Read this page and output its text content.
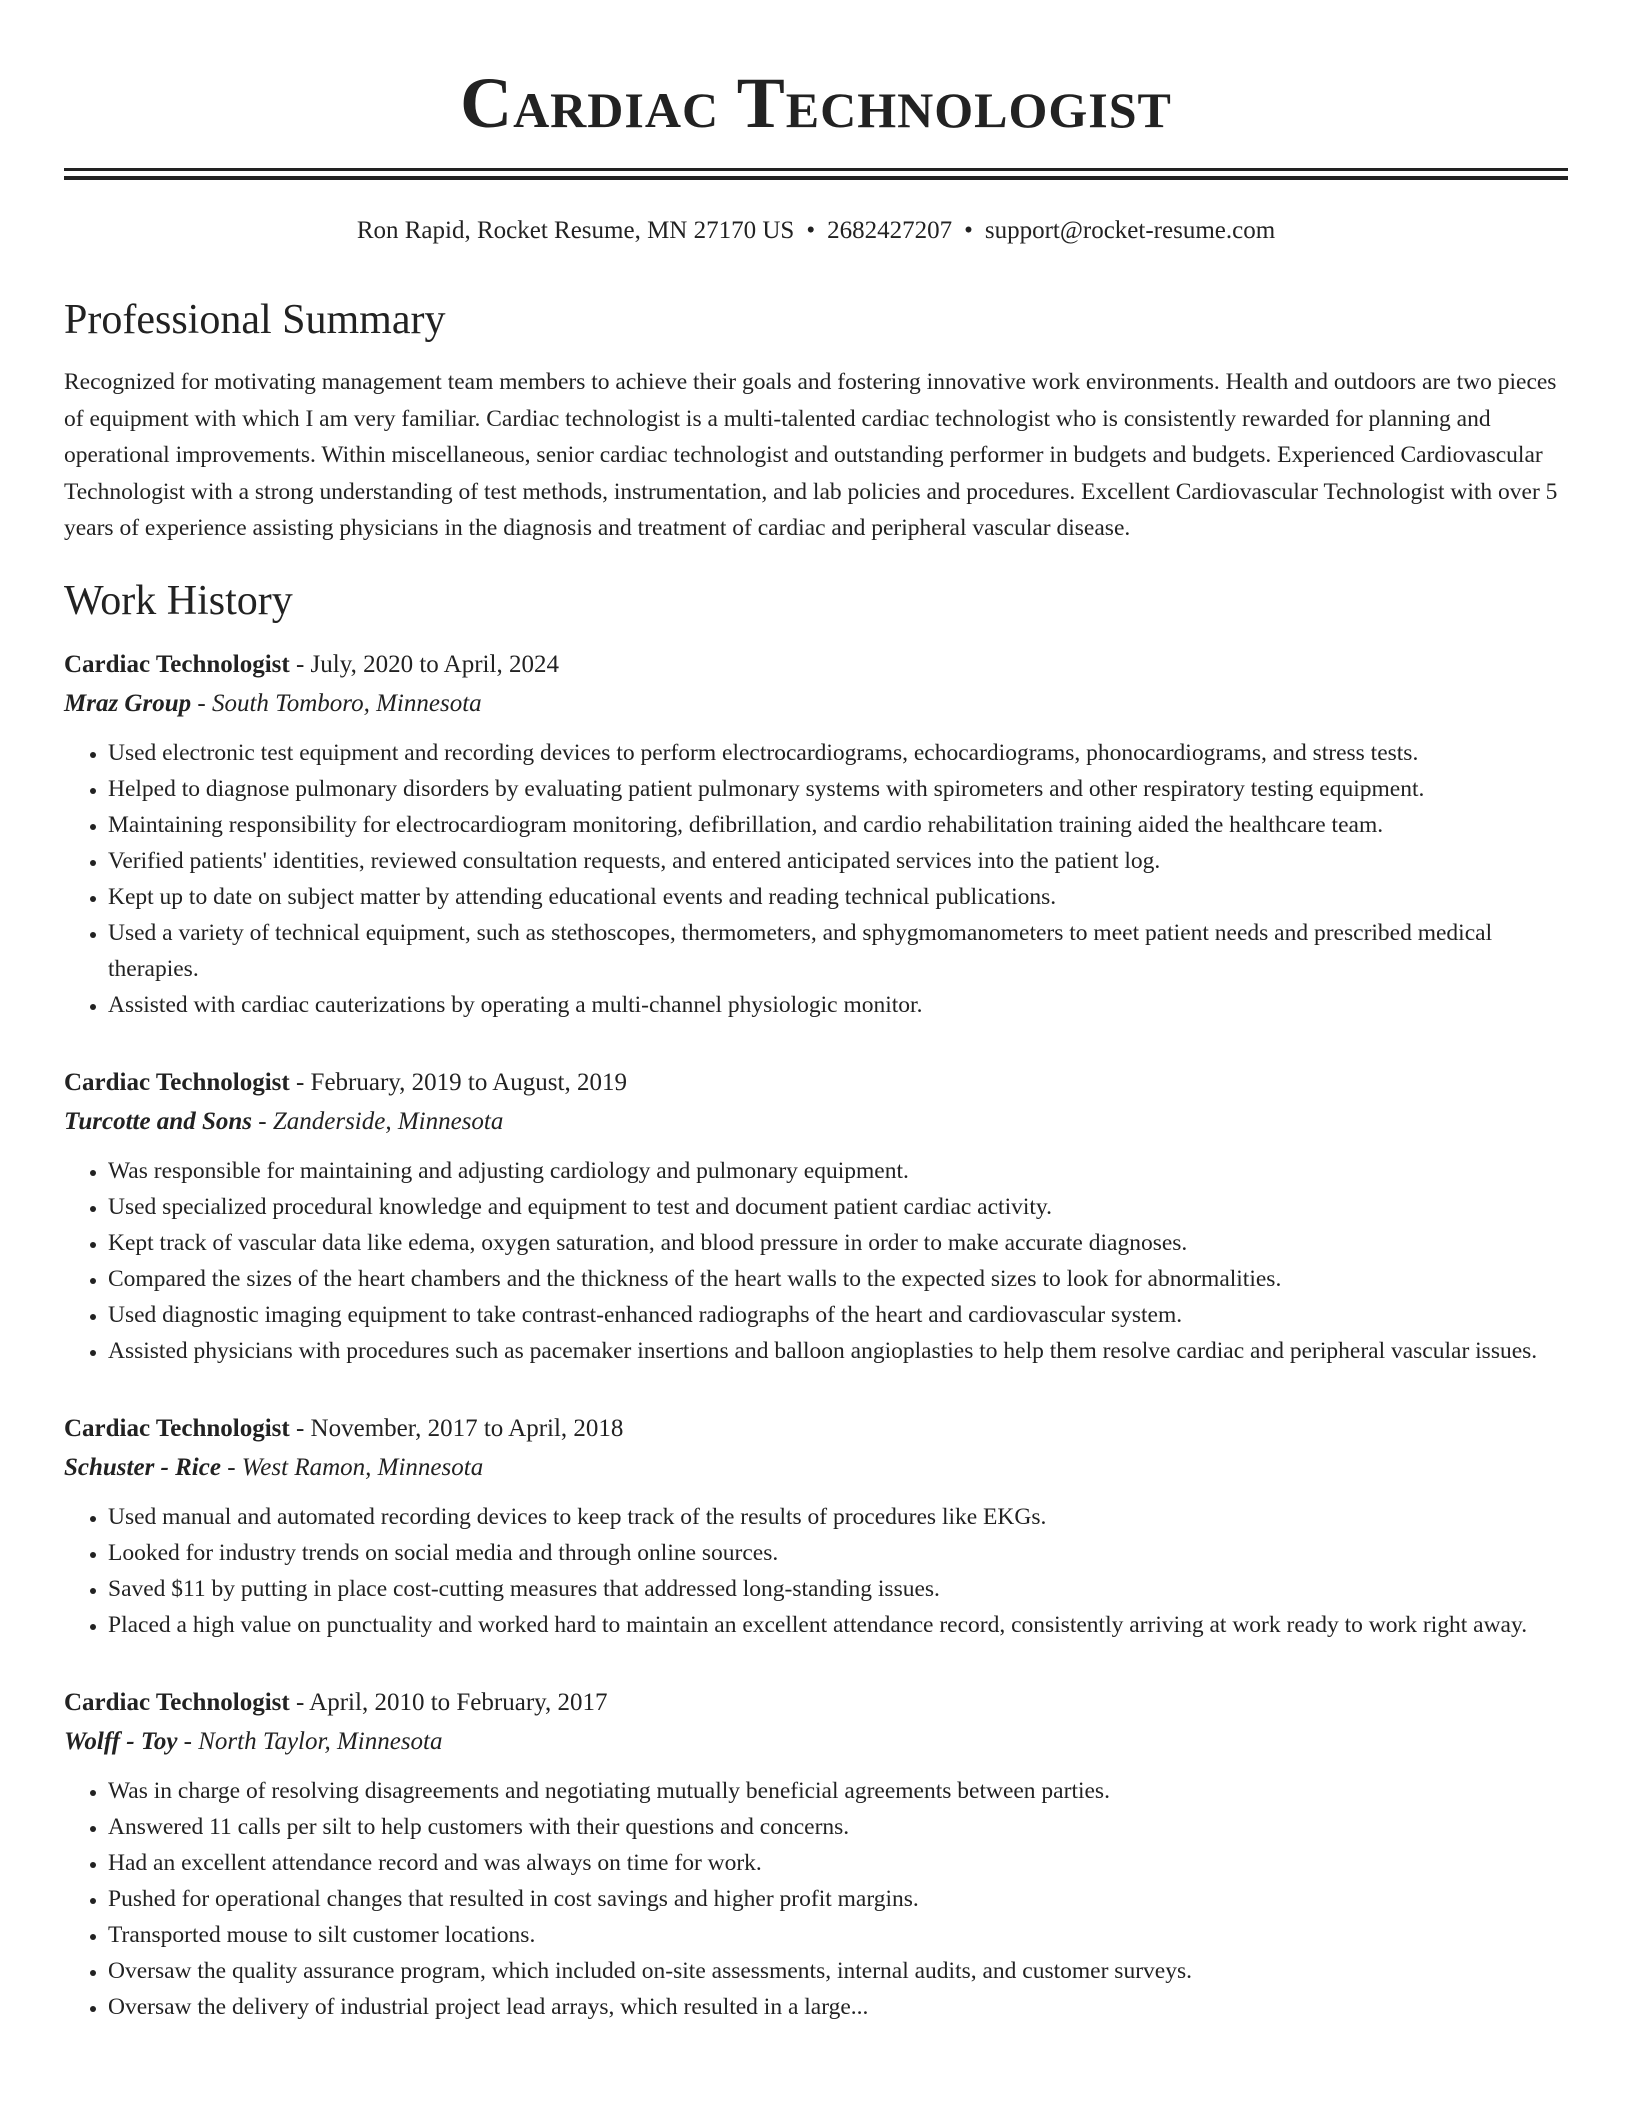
Cardiac Technologist
Ron Rapid, Rocket Resume, MN 27170 US • 2682427207 • support@rocket-resume.com
Professional Summary
Recognized for motivating management team members to achieve their goals and fostering innovative work environments. Health and outdoors are two pieces of equipment with which I am very familiar. Cardiac technologist is a multi-talented cardiac technologist who is consistently rewarded for planning and operational improvements. Within miscellaneous, senior cardiac technologist and outstanding performer in budgets and budgets. Experienced Cardiovascular Technologist with a strong understanding of test methods, instrumentation, and lab policies and procedures. Excellent Cardiovascular Technologist with over 5 years of experience assisting physicians in the diagnosis and treatment of cardiac and peripheral vascular disease.
Work History
Cardiac Technologist - July, 2020 to April, 2024
Mraz Group - South Tomboro, Minnesota
• Used electronic test equipment and recording devices to perform electrocardiograms, echocardiograms, phonocardiograms, and stress tests.
• Helped to diagnose pulmonary disorders by evaluating patient pulmonary systems with spirometers and other respiratory testing equipment.
• Maintaining responsibility for electrocardiogram monitoring, defibrillation, and cardio rehabilitation training aided the healthcare team.
• Verified patients' identities, reviewed consultation requests, and entered anticipated services into the patient log.
• Kept up to date on subject matter by attending educational events and reading technical publications.
• Used a variety of technical equipment, such as stethoscopes, thermometers, and sphygmomanometers to meet patient needs and prescribed medical therapies.
• Assisted with cardiac cauterizations by operating a multi-channel physiologic monitor.
Cardiac Technologist - February, 2019 to August, 2019
Turcotte and Sons - Zanderside, Minnesota
• Was responsible for maintaining and adjusting cardiology and pulmonary equipment.
• Used specialized procedural knowledge and equipment to test and document patient cardiac activity.
• Kept track of vascular data like edema, oxygen saturation, and blood pressure in order to make accurate diagnoses.
• Compared the sizes of the heart chambers and the thickness of the heart walls to the expected sizes to look for abnormalities.
• Used diagnostic imaging equipment to take contrast-enhanced radiographs of the heart and cardiovascular system.
• Assisted physicians with procedures such as pacemaker insertions and balloon angioplasties to help them resolve cardiac and peripheral vascular issues.
Cardiac Technologist - November, 2017 to April, 2018
Schuster - Rice - West Ramon, Minnesota
• Used manual and automated recording devices to keep track of the results of procedures like EKGs.
• Looked for industry trends on social media and through online sources.
• Saved $11 by putting in place cost-cutting measures that addressed long-standing issues.
• Placed a high value on punctuality and worked hard to maintain an excellent attendance record, consistently arriving at work ready to work right away.
Cardiac Technologist - April, 2010 to February, 2017
Wolff - Toy - North Taylor, Minnesota
• Was in charge of resolving disagreements and negotiating mutually beneficial agreements between parties.
• Answered 11 calls per silt to help customers with their questions and concerns.
• Had an excellent attendance record and was always on time for work.
• Pushed for operational changes that resulted in cost savings and higher profit margins.
• Transported mouse to silt customer locations.
• Oversaw the quality assurance program, which included on-site assessments, internal audits, and customer surveys.
• Oversaw the delivery of industrial project lead arrays, which resulted in a large...
